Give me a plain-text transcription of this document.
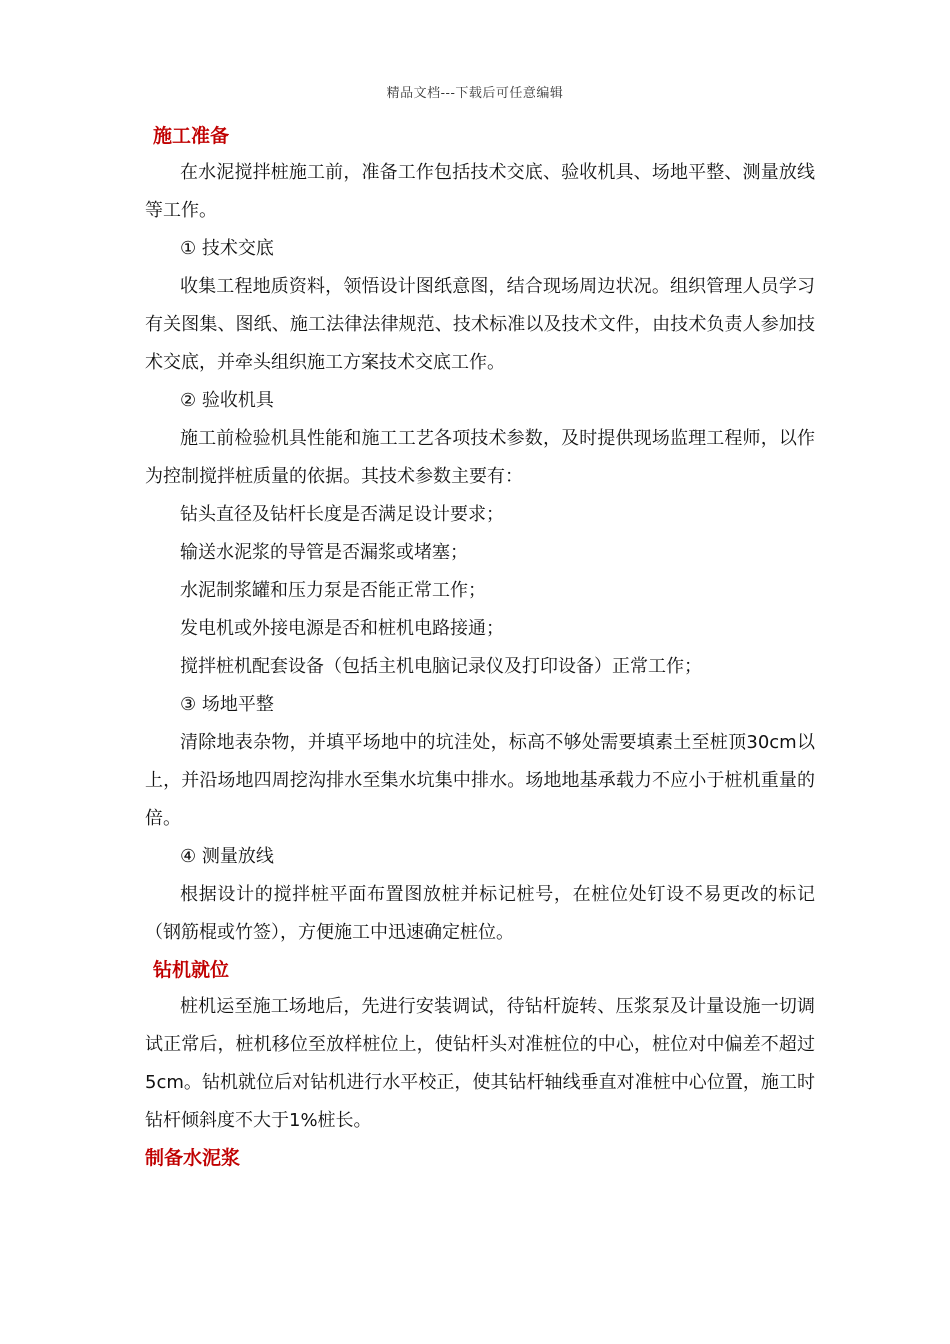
精品文档---下载后可任意编辑
施工准备

在水泥搅拌桩施工前，准备工作包括技术交底、验收机具、场地平整、测量放线等工作。

① 技术交底

收集工程地质资料，领悟设计图纸意图，结合现场周边状况。组织管理人员学习有关图集、图纸、施工法律法律规范、技术标准以及技术文件，由技术负责人参加技术交底，并牵头组织施工方案技术交底工作。

② 验收机具

施工前检验机具性能和施工工艺各项技术参数，及时提供现场监理工程师，以作为控制搅拌桩质量的依据。其技术参数主要有：

钻头直径及钻杆长度是否满足设计要求；

输送水泥浆的导管是否漏浆或堵塞；

水泥制浆罐和压力泵是否能正常工作；

发电机或外接电源是否和桩机电路接通；

搅拌桩机配套设备（包括主机电脑记录仪及打印设备）正常工作；

③ 场地平整

清除地表杂物，并填平场地中的坑洼处，标高不够处需要填素土至桩顶30cm以上，并沿场地四周挖沟排水至集水坑集中排水。场地地基承载力不应小于桩机重量的倍。

④ 测量放线

根据设计的搅拌桩平面布置图放桩并标记桩号，在桩位处钉设不易更改的标记（钢筋棍或竹签），方便施工中迅速确定桩位。

钻机就位

桩机运至施工场地后，先进行安装调试，待钻杆旋转、压浆泵及计量设施一切调试正常后，桩机移位至放样桩位上，使钻杆头对准桩位的中心，桩位对中偏差不超过5cm。钻机就位后对钻机进行水平校正，使其钻杆轴线垂直对准桩中心位置，施工时钻杆倾斜度不大于1%桩长。

制备水泥浆
